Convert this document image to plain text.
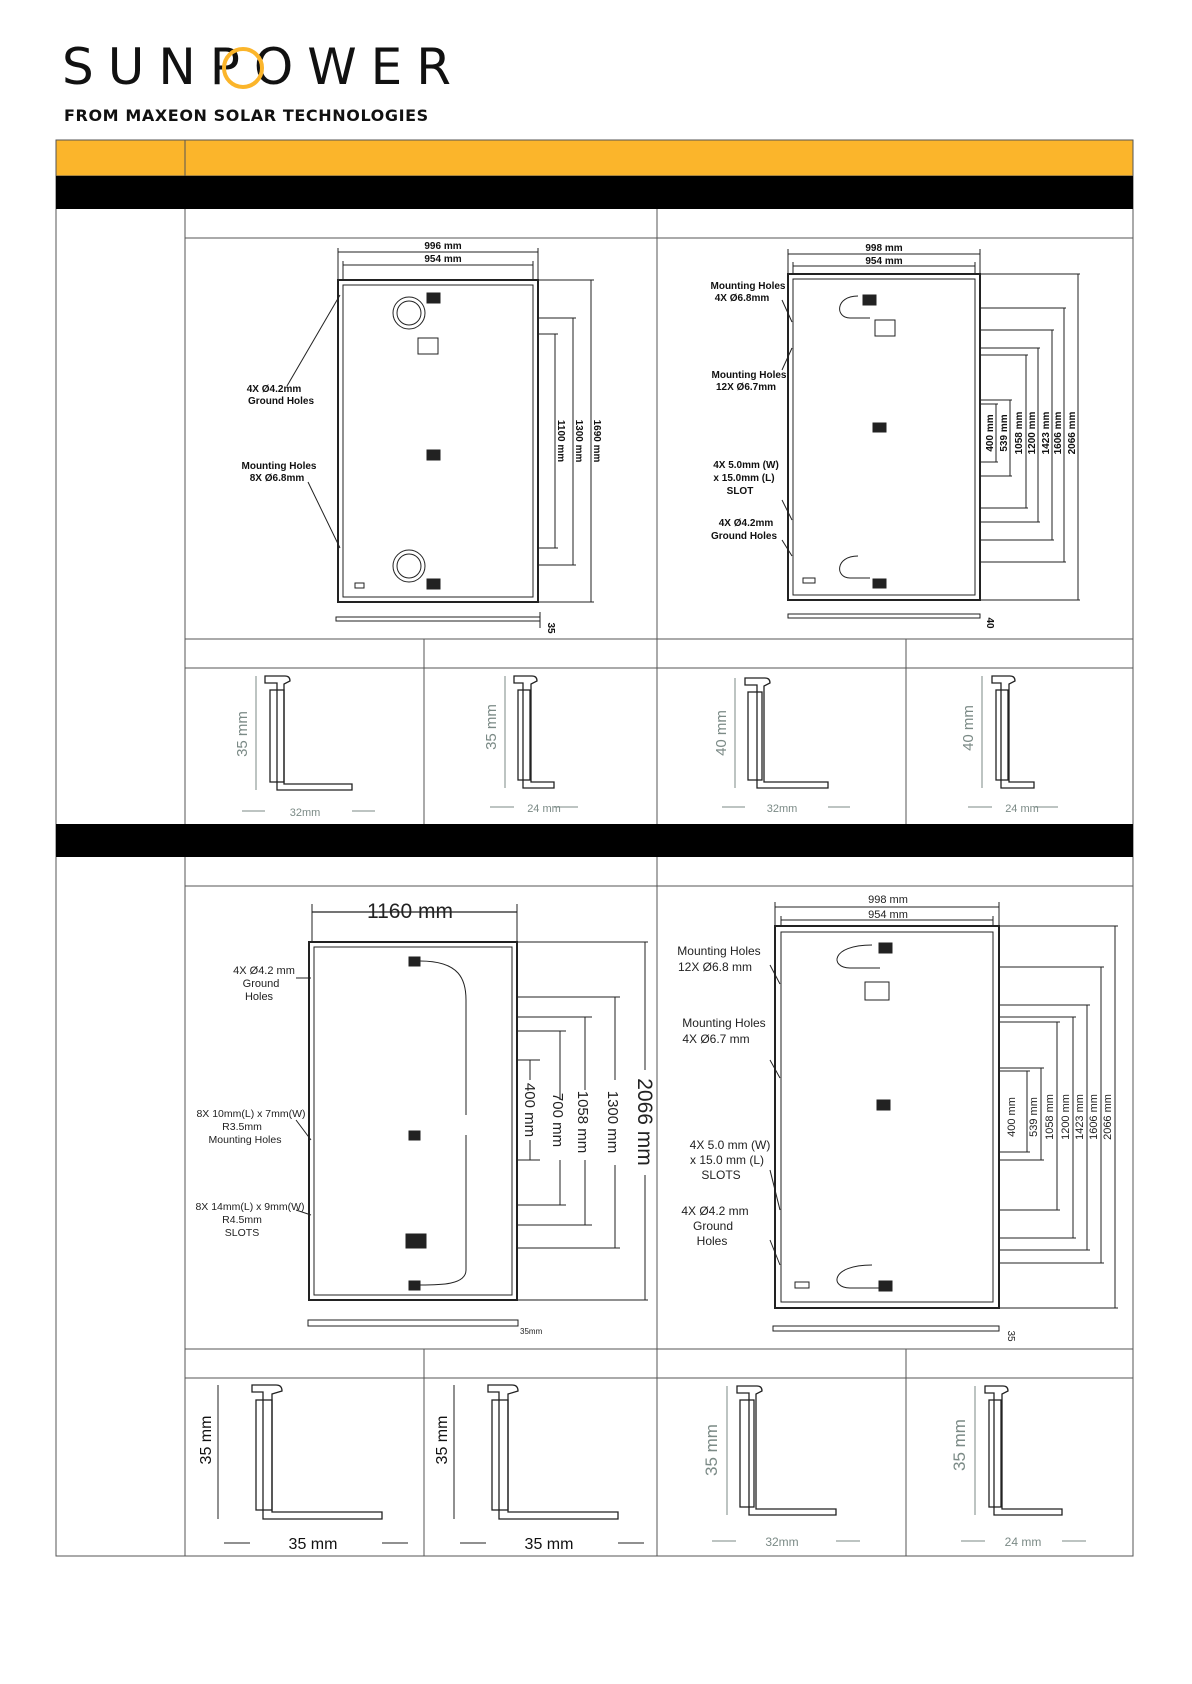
SUNPOWER
FROM MAXEON SOLAR TECHNOLOGIES
996 mm
954 mm
4X Ø4.2mm
Ground Holes
Mounting Holes
8X Ø6.8mm
1100 mm 1300 mm 1690 mm
35
998 mm
954 mm
Mounting Holes
4X Ø6.8mm
Mounting Holes
12X Ø6.7mm
4X 5.0mm (W)
x 15.0mm (L)
SLOT
4X Ø4.2mm
Ground Holes
400 mm 539 mm 1058 mm 1200 mm 1423 mm 1606 mm 2066 mm
40
35 mm
32mm
35 mm
24 mm
40 mm
32mm
40 mm
24 mm
1160 mm
4X Ø4.2 mm
Ground
Holes
8X 10mm(L) x 7mm(W)
R3.5mm
Mounting Holes
8X 14mm(L) x 9mm(W)
R4.5mm
SLOTS
400 mm 700 mm 1058 mm 1300 mm 2066 mm
35mm
998 mm
954 mm
Mounting Holes
12X Ø6.8 mm
Mounting Holes
4X Ø6.7 mm
4X 5.0 mm (W)
x 15.0 mm (L)
SLOTS
4X Ø4.2 mm
Ground
Holes
400 mm 539 mm 1058 mm 1200 mm 1423 mm 1606 mm 2066 mm
35
35 mm
35 mm
35 mm
35 mm
35 mm
32mm
35 mm
24 mm
